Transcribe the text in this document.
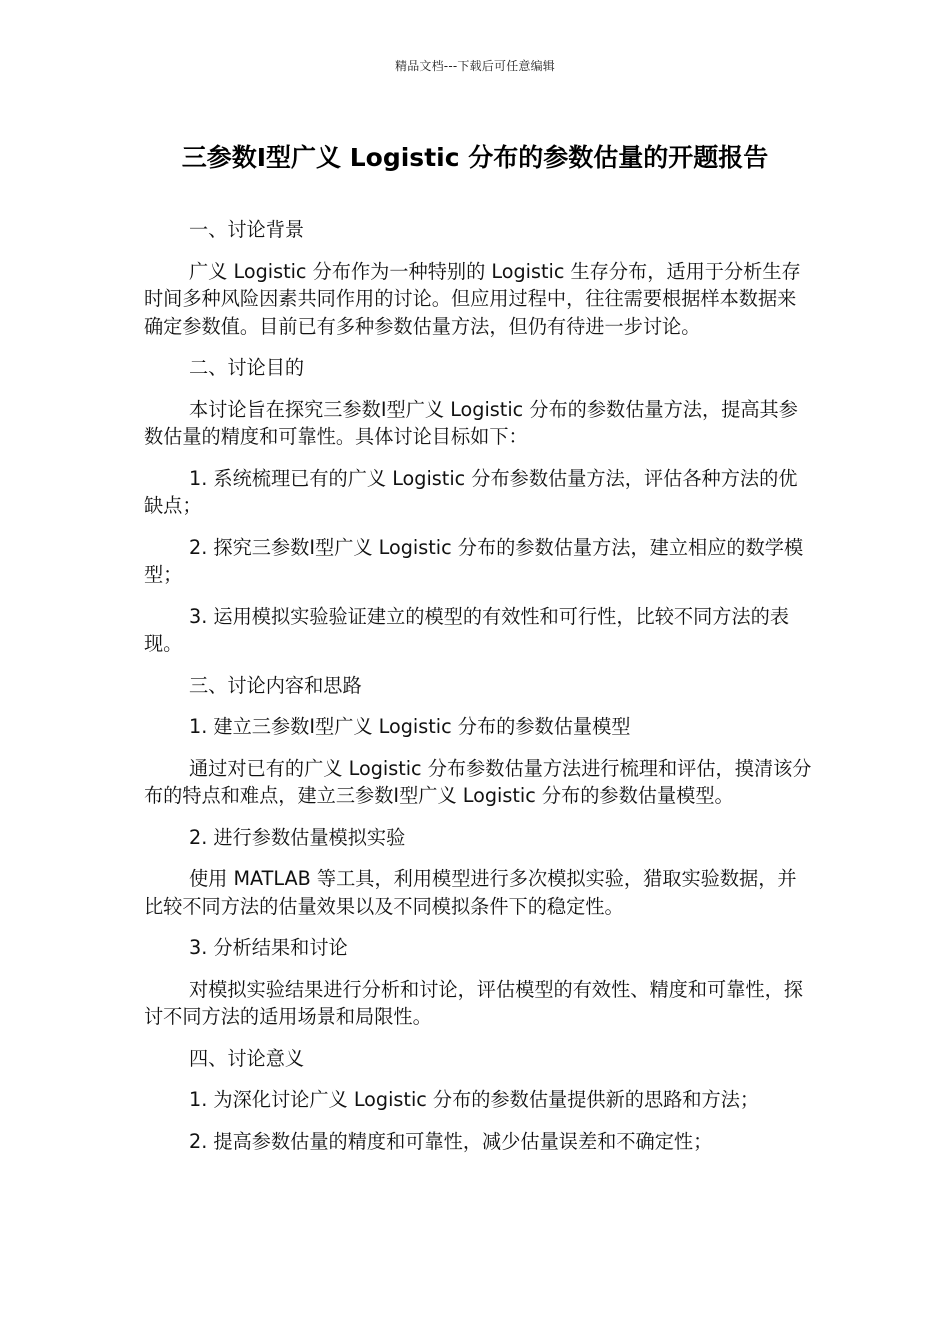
精品文档---下载后可任意编辑
三参数Ⅰ型广义 Logistic 分布的参数估量的开题报告

一、讨论背景

广义 Logistic 分布作为一种特别的 Logistic 生存分布，适用于分析生存时间多种风险因素共同作用的讨论。但应用过程中，往往需要根据样本数据来确定参数值。目前已有多种参数估量方法，但仍有待进一步讨论。

二、讨论目的

本讨论旨在探究三参数Ⅰ型广义 Logistic 分布的参数估量方法，提高其参数估量的精度和可靠性。具体讨论目标如下：

1. 系统梳理已有的广义 Logistic 分布参数估量方法，评估各种方法的优缺点；

2. 探究三参数Ⅰ型广义 Logistic 分布的参数估量方法，建立相应的数学模型；

3. 运用模拟实验验证建立的模型的有效性和可行性，比较不同方法的表现。

三、讨论内容和思路

1. 建立三参数Ⅰ型广义 Logistic 分布的参数估量模型

通过对已有的广义 Logistic 分布参数估量方法进行梳理和评估，摸清该分布的特点和难点，建立三参数Ⅰ型广义 Logistic 分布的参数估量模型。

2. 进行参数估量模拟实验

使用 MATLAB 等工具，利用模型进行多次模拟实验，猎取实验数据，并比较不同方法的估量效果以及不同模拟条件下的稳定性。

3. 分析结果和讨论

对模拟实验结果进行分析和讨论，评估模型的有效性、精度和可靠性，探讨不同方法的适用场景和局限性。

四、讨论意义

1. 为深化讨论广义 Logistic 分布的参数估量提供新的思路和方法；

2. 提高参数估量的精度和可靠性，减少估量误差和不确定性；
